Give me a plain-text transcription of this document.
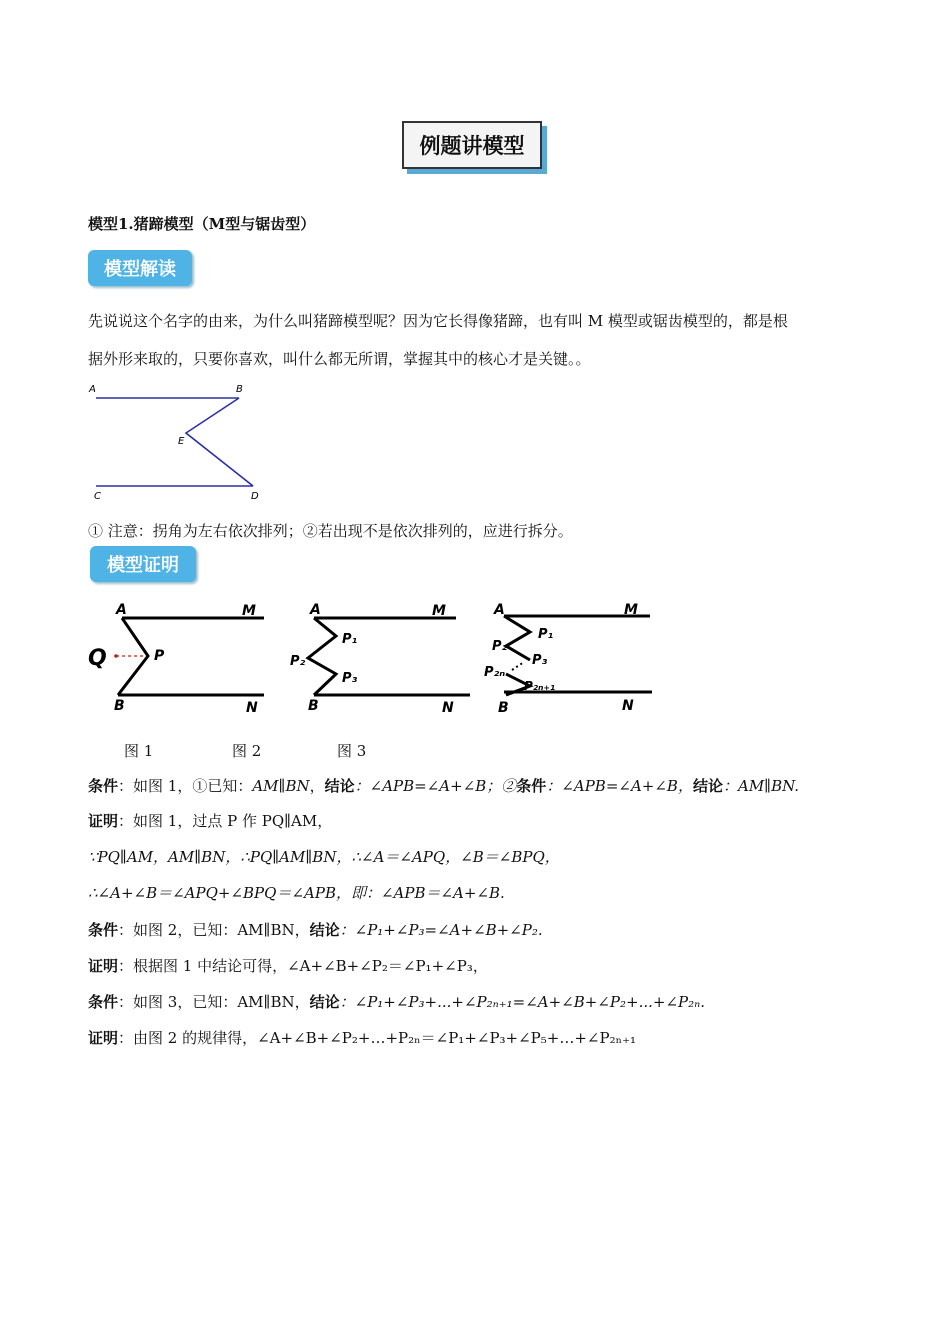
例题讲模型
模型1.猪蹄模型（M型与锯齿型）
模型解读
先说说这个名字的由来，为什么叫猪蹄模型呢？因为它长得像猪蹄，也有叫 M 模型或锯齿模型的，都是根
据外形来取的，只要你喜欢，叫什么都无所谓，掌握其中的核心才是关键。。
A	B
E
C	D
① 注意：拐角为左右依次排列；②若出现不是依次排列的，应进行拆分。
模型证明
A	M
Q	P
B	N
A	M
P₁
P₂
P₃
B	N
A	M
P₁
P₂
P₃
P₂ₙ
P₂ₙ₊₁
B	N
图 1	图 2	图 3
条件：如图 1，①已知：AM∥BN，结论：∠APB=∠A+∠B；②条件：∠APB=∠A+∠B，结论：AM∥BN.
证明：如图 1，过点 P 作 PQ∥AM，
∵PQ∥AM，AM∥BN，∴PQ∥AM∥BN，∴∠A＝∠APQ，∠B＝∠BPQ，
∴∠A+∠B＝∠APQ+∠BPQ＝∠APB，即：∠APB＝∠A+∠B.
条件：如图 2，已知：AM∥BN，结论：∠P₁+∠P₃=∠A+∠B+∠P₂.
证明：根据图 1 中结论可得，∠A+∠B+∠P₂＝∠P₁+∠P₃，
条件：如图 3，已知：AM∥BN，结论：∠P₁+∠P₃+...+∠P₂ₙ₊₁=∠A+∠B+∠P₂+...+∠P₂ₙ.
证明：由图 2 的规律得，∠A+∠B+∠P₂+…+P₂ₙ＝∠P₁+∠P₃+∠P₅+…+∠P₂ₙ₊₁
